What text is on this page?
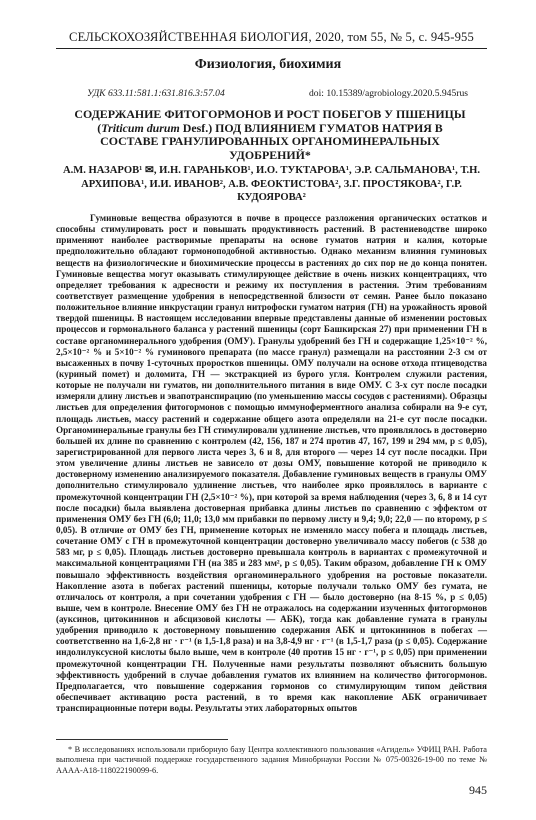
СЕЛЬСКОХОЗЯЙСТВЕННАЯ БИОЛОГИЯ, 2020, том 55, № 5, с. 945-955
Физиология, биохимия
УДК 633.11:581.1:631.816.3:57.04	doi: 10.15389/agrobiology.2020.5.945rus
СОДЕРЖАНИЕ ФИТОГОРМОНОВ И РОСТ ПОБЕГОВ У ПШЕНИЦЫ (Triticum durum Desf.) ПОД ВЛИЯНИЕМ ГУМАТОВ НАТРИЯ В СОСТАВЕ ГРАНУЛИРОВАННЫХ ОРГАНОМИНЕРАЛЬНЫХ УДОБРЕНИЙ*
А.М. НАЗАРОВ¹ ✉, И.Н. ГАРАНЬКОВ¹, И.О. ТУКТАРОВА¹, Э.Р. САЛЬМАНОВА¹, Т.Н. АРХИПОВА¹, И.И. ИВАНОВ², А.В. ФЕОКТИСТОВА², З.Г. ПРОСТЯКОВА², Г.Р. КУДОЯРОВА²

Гуминовые вещества образуются в почве в процессе разложения органических остатков и способны стимулировать рост и повышать продуктивность растений. В растениеводстве широко применяют наиболее растворимые препараты на основе гуматов натрия и калия, которые предположительно обладают гормоноподобной активностью. Однако механизм влияния гуминовых веществ на физиологические и биохимические процессы в растениях до сих пор не до конца понятен. Гуминовые вещества могут оказывать стимулирующее действие в очень низких концентрациях, что определяет требования к адресности и режиму их поступления в растения. Этим требованиям соответствует размещение удобрения в непосредственной близости от семян. Ранее было показано положительное влияние инкрустации гранул нитрофоски гуматом натрия (ГН) на урожайность яровой твердой пшеницы. В настоящем исследовании впервые представлены данные об изменении ростовых процессов и гормонального баланса у растений пшеницы (сорт Башкирская 27) при применении ГН в составе органоминерального удобрения (ОМУ). Гранулы удобрений без ГН и содержащие 1,25×10⁻² %, 2,5×10⁻² % и 5×10⁻² % гуминового препарата (по массе гранул) размещали на расстоянии 2-3 см от высаженных в почву 1-суточных проростков пшеницы. ОМУ получали на основе отхода птицеводства (куриный помет) и доломита, ГН — экстракцией из бурого угля. Контролем служили растения, которые не получали ни гуматов, ни дополнительного питания в виде ОМУ. С 3-х сут после посадки измеряли длину листьев и эвапотранспирацию (по уменьшению массы сосудов с растениями). Образцы листьев для определения фитогормонов с помощью иммуноферментного анализа собирали на 9-е сут, площадь листьев, массу растений и содержание общего азота определяли на 21-е сут после посадки. Органоминеральные гранулы без ГН стимулировали удлинение листьев, что проявлялось в достоверно большей их длине по сравнению с контролем (42, 156, 187 и 274 против 47, 167, 199 и 294 мм, p ≤ 0,05), зарегистрированной для первого листа через 3, 6 и 8, для второго — через 14 сут после посадки. При этом увеличение длины листьев не зависело от дозы ОМУ, повышение которой не приводило к достоверному изменению анализируемого показателя. Добавление гуминовых веществ в гранулы ОМУ дополнительно стимулировало удлинение листьев, что наиболее ярко проявлялось в варианте с промежуточной концентрации ГН (2,5×10⁻² %), при которой за время наблюдения (через 3, 6, 8 и 14 сут после посадки) была выявлена достоверная прибавка длины листьев по сравнению с эффектом от применения ОМУ без ГН (6,0; 11,0; 13,0 мм прибавки по первому листу и 9,4; 9,0; 22,0 — по второму, p ≤ 0,05). В отличие от ОМУ без ГН, применение которых не изменяло массу побега и площадь листьев, сочетание ОМУ с ГН в промежуточной концентрации достоверно увеличивало массу побегов (с 538 до 583 мг, p ≤ 0,05). Площадь листьев достоверно превышала контроль в вариантах с промежуточной и максимальной концентрациями ГН (на 385 и 283 мм², p ≤ 0,05). Таким образом, добавление ГН к ОМУ повышало эффективность воздействия органоминерального удобрения на ростовые показатели. Накопление азота в побегах растений пшеницы, которые получали только ОМУ без гумата, не отличалось от контроля, а при сочетании удобрения с ГН — было достоверно (на 8-15 %, p ≤ 0,05) выше, чем в контроле. Внесение ОМУ без ГН не отражалось на содержании изученных фитогормонов (ауксинов, цитокининов и абсцизовой кислоты — АБК), тогда как добавление гумата в гранулы удобрения приводило к достоверному повышению содержания АБК и цитокининов в побегах — соответственно на 1,6-2,8 нг · г⁻¹ (в 1,5-1,8 раза) и на 3,8-4,9 нг · г⁻¹ (в 1,5-1,7 раза (p ≤ 0,05). Содержание индолилуксусной кислоты было выше, чем в контроле (40 против 15 нг · г⁻¹, p ≤ 0,05) при применении промежуточной концентрации ГН. Полученные нами результаты позволяют объяснить большую эффективность удобрений в случае добавления гуматов их влиянием на количество фитогормонов. Предполагается, что повышение содержания гормонов со стимулирующим типом действия обеспечивает активацию роста растений, в то время как накопление АБК ограничивает транспирационные потери воды. Результаты этих лабораторных опытов

* В исследованиях использовали приборную базу Центра коллективного пользования «Агидель» УФИЦ РАН. Работа выполнена при частичной поддержке государственного задания Минобрнауки России № 075-00326-19-00 по теме № АААА-А18-118022190099-6.

945
